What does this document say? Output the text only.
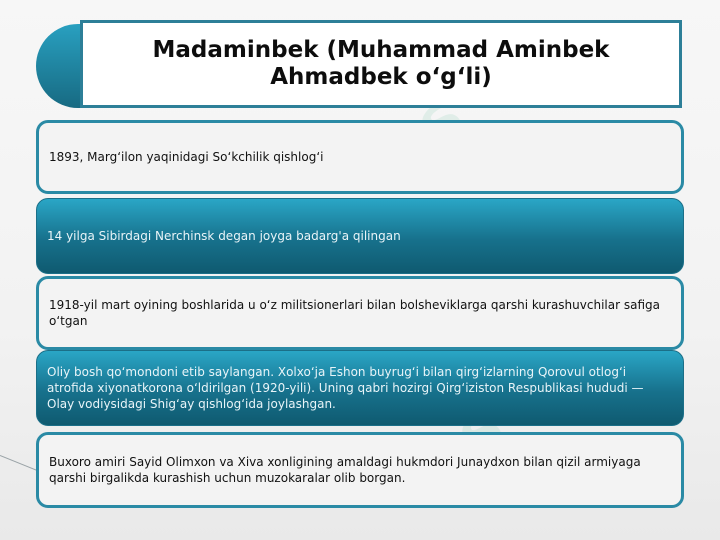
Madaminbek (Muhammad Aminbek Ahmadbek o‘g‘li)
1893, Marg‘ilon yaqinidagi So‘kchilik qishlog‘i
14 yilga Sibirdagi Nerchinsk degan joyga badarg'a qilingan
1918-yil mart oyining boshlarida u o‘z militsionerlari bilan bolsheviklarga qarshi kurashuvchilar safiga o‘tgan
Oliy bosh qo‘mondoni etib saylangan. Xolxo‘ja Eshon buyrug‘i bilan qirg‘izlarning Qorovul otlog‘i atrofida xiyonatkorona o‘ldirilgan (1920-yili). Uning qabri hozirgi Qirg‘iziston Respublikasi hududi — Olay vodiysidagi Shig‘ay qishlog‘ida joylashgan.
Buxoro amiri Sayid Olimxon va Xiva xonligining amaldagi hukmdori Junaydxon bilan qizil armiyaga qarshi birgalikda kurashish uchun muzokaralar olib borgan.
